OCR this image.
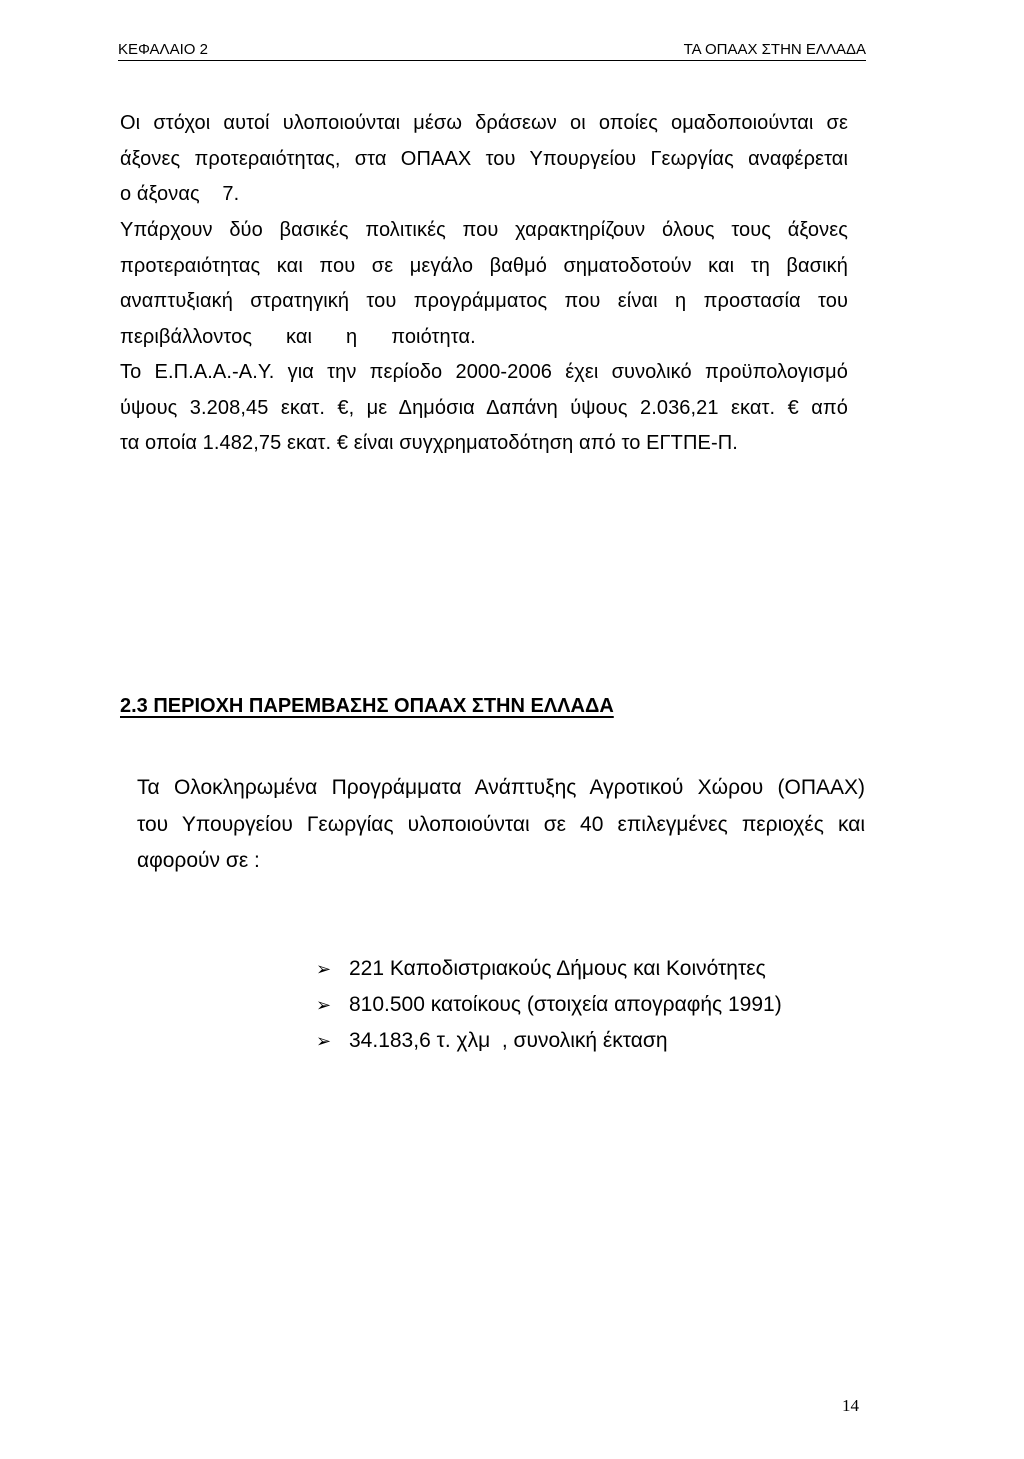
ΚΕΦΑΛΑΙΟ 2	ΤΑ ΟΠΑΑΧ ΣΤΗΝ ΕΛΛΑΔΑ
Οι στόχοι αυτοί υλοποιούνται μέσω δράσεων οι οποίες ομαδοποιούνται σε
άξονες προτεραιότητας, στα ΟΠΑΑΧ του Υπουργείου Γεωργίας αναφέρεται
ο άξονας    7.
Υπάρχουν δύο βασικές πολιτικές που χαρακτηρίζουν όλους τους άξονες
προτεραιότητας και που σε μεγάλο βαθμό σηματοδοτούν και τη βασική
αναπτυξιακή στρατηγική του προγράμματος που είναι η προστασία του
περιβάλλοντος      και      η      ποιότητα.
Το Ε.Π.Α.Α.-Α.Υ. για την περίοδο 2000-2006 έχει συνολικό προϋπολογισμό
ύψους 3.208,45 εκατ. €, με Δημόσια Δαπάνη ύψους 2.036,21 εκατ. € από
τα οποία 1.482,75 εκατ. € είναι συγχρηματοδότηση από το ΕΓΤΠΕ-Π.
2.3 ΠΕΡΙΟΧΗ ΠΑΡΕΜΒΑΣΗΣ ΟΠΑΑΧ ΣΤΗΝ ΕΛΛΑΔΑ
Τα Ολοκληρωμένα Προγράμματα Ανάπτυξης Αγροτικού Χώρου (ΟΠΑΑΧ)
του Υπουργείου Γεωργίας υλοποιούνται σε 40 επιλεγμένες περιοχές και
αφορούν σε :
➢ 221 Καποδιστριακούς Δήμους και Κοινότητες
➢ 810.500 κατοίκους (στοιχεία απογραφής 1991)
➢ 34.183,6 τ. χλμ  , συνολική έκταση
14
